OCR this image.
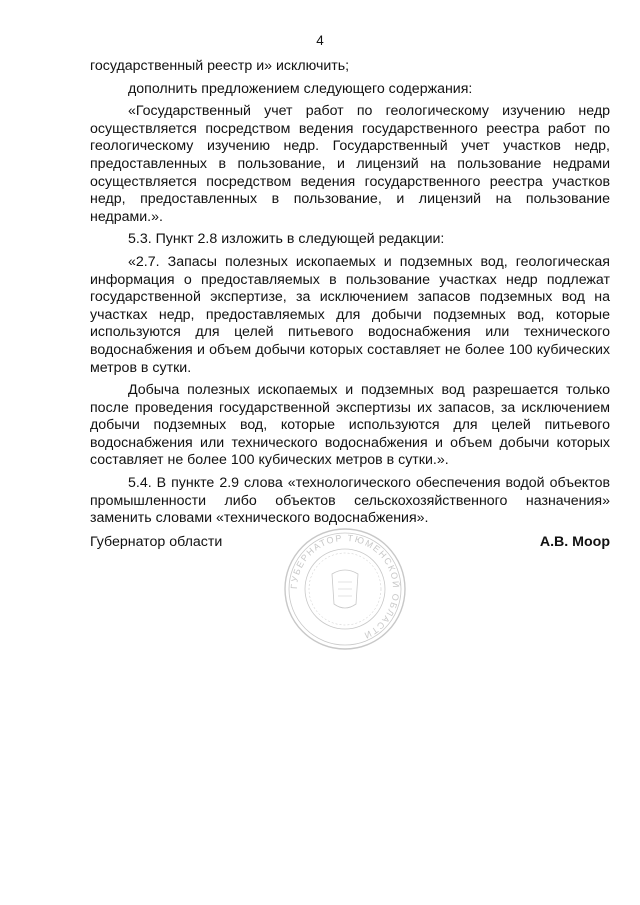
4

государственный реестр и» исключить;

дополнить предложением следующего содержания:

«Государственный учет работ по геологическому изучению недр осуществляется посредством ведения государственного реестра работ по геологическому изучению недр. Государственный учет участков недр, предоставленных в пользование, и лицензий на пользование недрами осуществляется посредством ведения государственного реестра участков недр, предоставленных в пользование, и лицензий на пользование недрами.».

5.3. Пункт 2.8 изложить в следующей редакции:

«2.7. Запасы полезных ископаемых и подземных вод, геологическая информация о предоставляемых в пользование участках недр подлежат государственной экспертизе, за исключением запасов подземных вод на участках недр, предоставляемых для добычи подземных вод, которые используются для целей питьевого водоснабжения или технического водоснабжения и объем добычи которых составляет не более 100 кубических метров в сутки.

Добыча полезных ископаемых и подземных вод разрешается только после проведения государственной экспертизы их запасов, за исключением добычи подземных вод, которые используются для целей питьевого водоснабжения или технического водоснабжения и объем добычи которых составляет не более 100 кубических метров в сутки.».

5.4. В пункте 2.9 слова «технологического обеспечения водой объектов промышленности либо объектов сельскохозяйственного назначения» заменить словами «технического водоснабжения».

Губернатор области	А.В. Моор
ГУБЕРНАТОР ТЮМЕНСКОЙ ОБЛАСТИ
